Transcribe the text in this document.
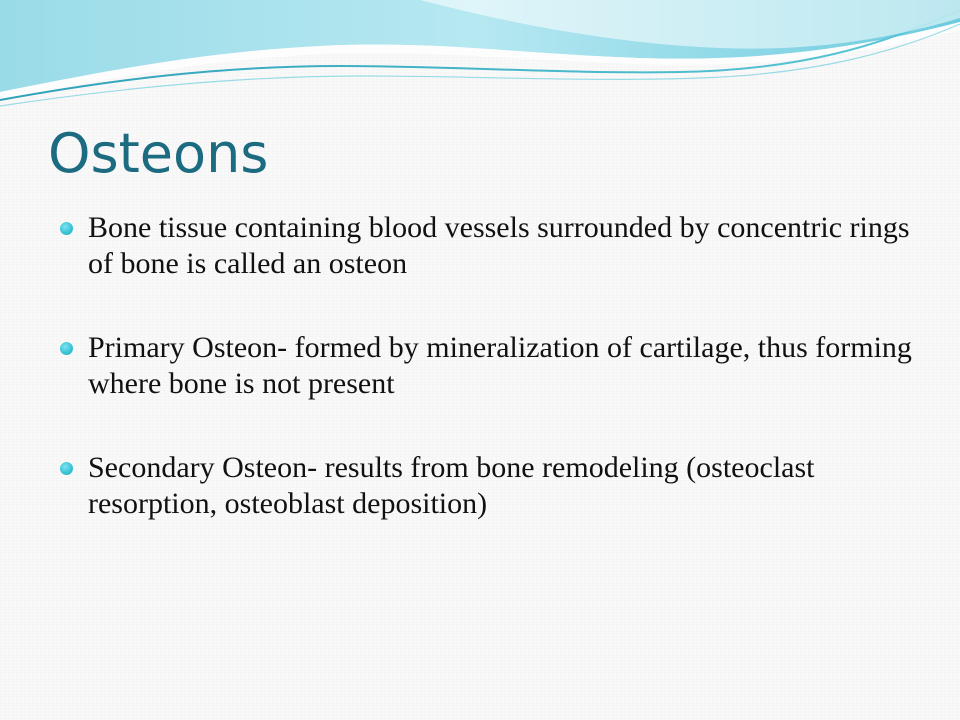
Osteons
Bone tissue containing blood vessels surrounded by concentric rings of bone is called an osteon
Primary Osteon- formed by mineralization of cartilage, thus forming where bone is not present
Secondary Osteon- results from bone remodeling (osteoclast resorption, osteoblast deposition)
